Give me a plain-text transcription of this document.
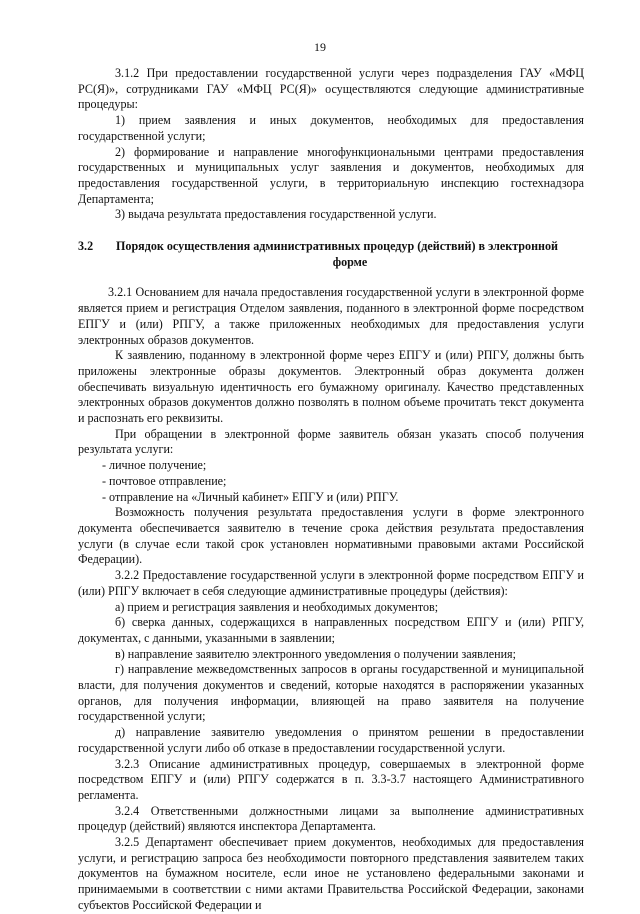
19

3.1.2 При предоставлении государственной услуги через подразделения ГАУ «МФЦ РС(Я)», сотрудниками ГАУ «МФЦ РС(Я)» осуществляются следующие административные процедуры:

1) прием заявления и иных документов, необходимых для предоставления государственной услуги;

2) формирование и направление многофункциональными центрами предоставления государственных и муниципальных услуг заявления и документов, необходимых для предоставления государственной услуги, в территориальную инспекцию гостехнадзора Департамента;

3) выдача результата предоставления государственной услуги.

3.2	Порядок осуществления административных процедур (действий) в электронной
форме

3.2.1 Основанием для начала предоставления государственной услуги в электронной форме является прием и регистрация Отделом заявления, поданного в электронной форме посредством ЕПГУ и (или) РПГУ, а также приложенных необходимых для предоставления услуги электронных образов документов.

К заявлению, поданному в электронной форме через ЕПГУ и (или) РПГУ, должны быть приложены электронные образы документов. Электронный образ документа должен обеспечивать визуальную идентичность его бумажному оригиналу. Качество представленных электронных образов документов должно позволять в полном объеме прочитать текст документа и распознать его реквизиты.

При обращении в электронной форме заявитель обязан указать способ получения результата услуги:

- личное получение;

- почтовое отправление;

- отправление на «Личный кабинет» ЕПГУ и (или) РПГУ.

Возможность получения результата предоставления услуги в форме электронного документа обеспечивается заявителю в течение срока действия результата предоставления услуги (в случае если такой срок установлен нормативными правовыми актами Российской Федерации).

3.2.2 Предоставление государственной услуги в электронной форме посредством ЕПГУ и (или) РПГУ включает в себя следующие административные процедуры (действия):

а) прием и регистрация заявления и необходимых документов;

б) сверка данных, содержащихся в направленных посредством ЕПГУ и (или) РПГУ, документах, с данными, указанными в заявлении;

в) направление заявителю электронного уведомления о получении заявления;

г) направление межведомственных запросов в органы государственной и муниципальной власти, для получения документов и сведений, которые находятся в распоряжении указанных органов, для получения информации, влияющей на право заявителя на получение государственной услуги;

д) направление заявителю уведомления о принятом решении в предоставлении государственной услуги либо об отказе в предоставлении государственной услуги.

3.2.3 Описание административных процедур, совершаемых в электронной форме посредством ЕПГУ и (или) РПГУ содержатся в п. 3.3-3.7 настоящего Административного регламента.

3.2.4 Ответственными должностными лицами за выполнение административных процедур (действий) являются инспектора Департамента.

3.2.5 Департамент обеспечивает прием документов, необходимых для предоставления услуги, и регистрацию запроса без необходимости повторного представления заявителем таких документов на бумажном носителе, если иное не установлено федеральными законами и принимаемыми в соответствии с ними актами Правительства Российской Федерации, законами субъектов Российской Федерации и
